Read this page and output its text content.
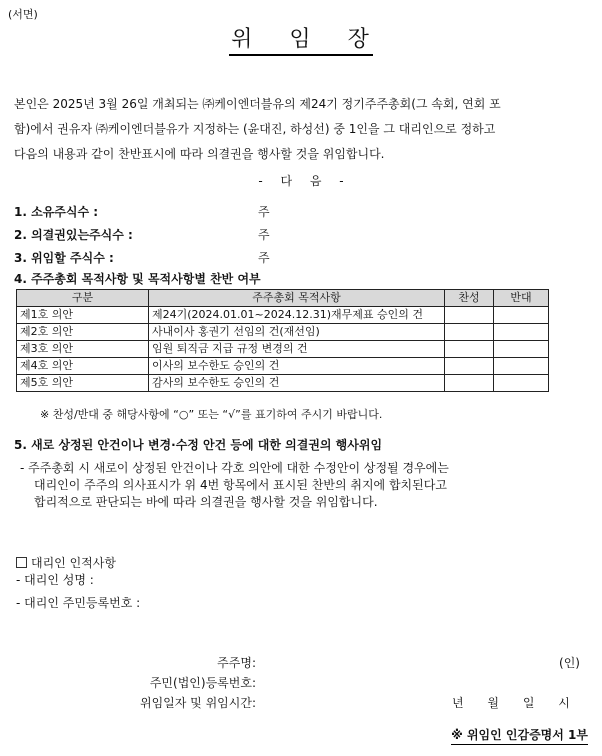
(서면)
위 임 장

본인은 2025년 3월 26일 개최되는 ㈜케이엔더블유의 제24기 정기주주총회(그 속회, 연회 포

함)에서 권유자 ㈜케이엔더블유가 지정하는 (윤대진, 하성선) 중 1인을 그 대리인으로 정하고

다음의 내용과 같이 찬반표시에 따라 의결권을 행사할 것을 위임합니다.

- 다 음 -
1. 소유주식수 :	주
2. 의결권있는주식수 :	주
3. 위임할 주식수 :	주
4. 주주총회 목적사항 및 목적사항별 찬반 여부
구분	주주총회 목적사항	찬성	반대
제1호 의안	제24기(2024.01.01~2024.12.31)재무제표 승인의 건		
제2호 의안	사내이사 홍권기 선임의 건(재선임)		
제3호 의안	임원 퇴직금 지급 규정 변경의 건		
제4호 의안	이사의 보수한도 승인의 건		
제5호 의안	감사의 보수한도 승인의 건		
※ 찬성/반대 중 해당사항에 “○” 또는 “√”를 표기하여 주시기 바랍니다.
5. 새로 상정된 안건이나 변경·수정 안건 등에 대한 의결권의 행사위임
- 주주총회 시 새로이 상정된 안건이나 각호 의안에 대한 수정안이 상정될 경우에는
대리인이 주주의 의사표시가 위 4번 항목에서 표시된 찬반의 취지에 합치된다고
합리적으로 판단되는 바에 따라 의결권을 행사할 것을 위임합니다.
대리인 인적사항
- 대리인 성명 :
- 대리인 주민등록번호 :
주주명:	(인)
주민(법인)등록번호:
위임일자 및 위임시간:	년 월 일 시
※ 위임인 인감증명서 1부
